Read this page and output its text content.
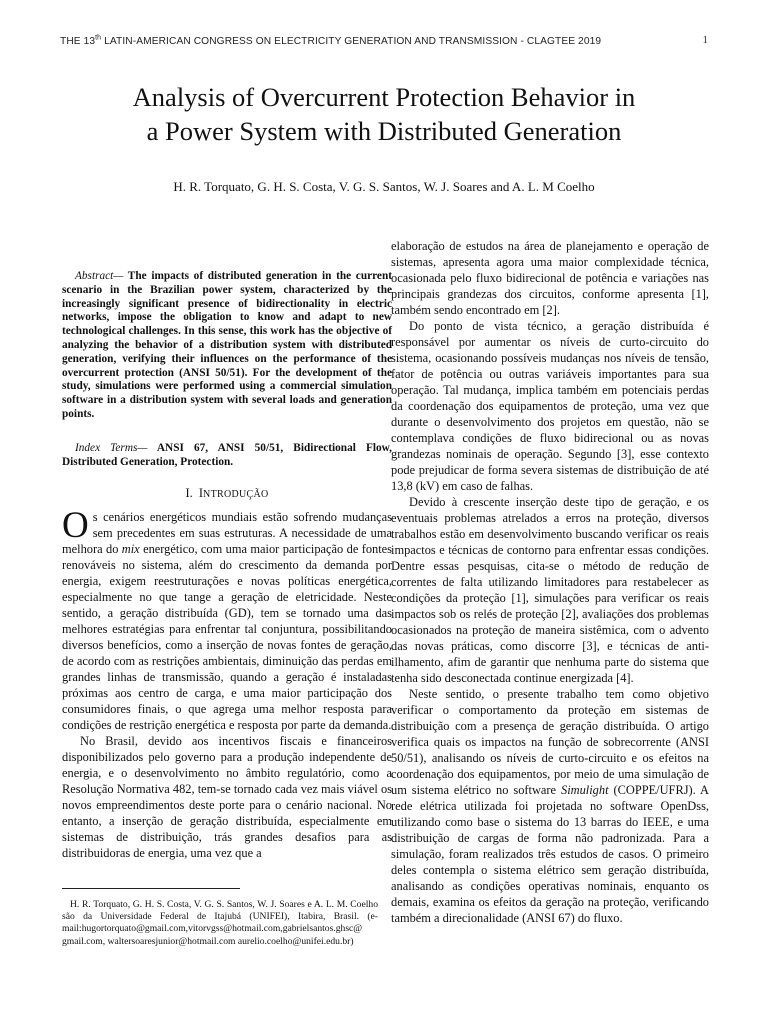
THE 13th LATIN-AMERICAN CONGRESS ON ELECTRICITY GENERATION AND TRANSMISSION - CLAGTEE 2019	1
Analysis of Overcurrent Protection Behavior in
a Power System with Distributed Generation
H. R. Torquato, G. H. S. Costa, V. G. S. Santos, W. J. Soares and A. L. M Coelho

Abstract— The impacts of distributed generation in the current scenario in the Brazilian power system, characterized by the increasingly significant presence of bidirectionality in electric networks, impose the obligation to know and adapt to new technological challenges. In this sense, this work has the objective of analyzing the behavior of a distribution system with distributed generation, verifying their influences on the performance of the overcurrent protection (ANSI 50/51). For the development of the study, simulations were performed using a commercial simulation software in a distribution system with several loads and generation points.

Index Terms— ANSI 67, ANSI 50/51, Bidirectional Flow, Distributed Generation, Protection.

I. INTRODUÇÃO

Os cenários energéticos mundiais estão sofrendo mudanças sem precedentes em suas estruturas. A necessidade de uma melhora do mix energético, com uma maior participação de fontes renováveis no sistema, além do crescimento da demanda por energia, exigem reestruturações e novas políticas energética, especialmente no que tange a geração de eletricidade. Neste sentido, a geração distribuída (GD), tem se tornado uma das melhores estratégias para enfrentar tal conjuntura, possibilitando diversos benefícios, como a inserção de novas fontes de geração, de acordo com as restrições ambientais, diminuição das perdas em grandes linhas de transmissão, quando a geração é instaladas próximas aos centro de carga, e uma maior participação dos consumidores finais, o que agrega uma melhor resposta para condições de restrição energética e resposta por parte da demanda.

No Brasil, devido aos incentivos fiscais e financeiros disponibilizados pelo governo para a produção independente de energia, e o desenvolvimento no âmbito regulatório, como a Resolução Normativa 482, tem-se tornado cada vez mais viável os novos empreendimentos deste porte para o cenário nacional. No entanto, a inserção de geração distribuída, especialmente em sistemas de distribuição, trás grandes desafios para as distribuidoras de energia, uma vez que a

H. R. Torquato, G. H. S. Costa, V. G. S. Santos, W. J. Soares e A. L. M. Coelho são da Universidade Federal de Itajubá (UNIFEI), Itabira, Brasil. (e-mail:hugortorquato@gmail.com,vitorvgss@hotmail.com,gabrielsantos.ghsc@ gmail.com, waltersoaresjunior@hotmail.com aurelio.coelho@unifei.edu.br)

elaboração de estudos na área de planejamento e operação de sistemas, apresenta agora uma maior complexidade técnica, ocasionada pelo fluxo bidirecional de potência e variações nas principais grandezas dos circuitos, conforme apresenta [1], também sendo encontrado em [2].

Do ponto de vista técnico, a geração distribuída é responsável por aumentar os níveis de curto-circuito do sistema, ocasionando possíveis mudanças nos níveis de tensão, fator de potência ou outras variáveis importantes para sua operação. Tal mudança, implica também em potenciais perdas da coordenação dos equipamentos de proteção, uma vez que durante o desenvolvimento dos projetos em questão, não se contemplava condições de fluxo bidirecional ou as novas grandezas nominais de operação. Segundo [3], esse contexto pode prejudicar de forma severa sistemas de distribuição de até 13,8 (kV) em caso de falhas.

Devido à crescente inserção deste tipo de geração, e os eventuais problemas atrelados a erros na proteção, diversos trabalhos estão em desenvolvimento buscando verificar os reais impactos e técnicas de contorno para enfrentar essas condições. Dentre essas pesquisas, cita-se o método de redução de correntes de falta utilizando limitadores para restabelecer as condições da proteção [1], simulações para verificar os reais impactos sob os relés de proteção [2], avaliações dos problemas ocasionados na proteção de maneira sistêmica, com o advento das novas práticas, como discorre [3], e técnicas de anti-ilhamento, afim de garantir que nenhuma parte do sistema que tenha sido desconectada continue energizada [4].

Neste sentido, o presente trabalho tem como objetivo verificar o comportamento da proteção em sistemas de distribuição com a presença de geração distribuída. O artigo verifica quais os impactos na função de sobrecorrente (ANSI 50/51), analisando os níveis de curto-circuito e os efeitos na coordenação dos equipamentos, por meio de uma simulação de um sistema elétrico no software Simulight (COPPE/UFRJ). A rede elétrica utilizada foi projetada no software OpenDss, utilizando como base o sistema do 13 barras do IEEE, e uma distribuição de cargas de forma não padronizada. Para a simulação, foram realizados três estudos de casos. O primeiro deles contempla o sistema elétrico sem geração distribuída, analisando as condições operativas nominais, enquanto os demais, examina os efeitos da geração na proteção, verificando também a direcionalidade (ANSI 67) do fluxo.
